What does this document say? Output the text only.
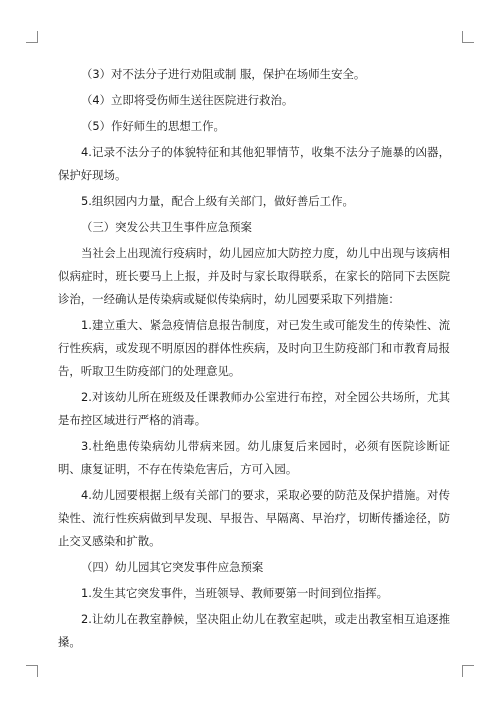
（3）对不法分子进行劝阻或制 服，保护在场师生安全。

（4）立即将受伤师生送往医院进行救治。

（5）作好师生的思想工作。

4.记录不法分子的体貌特征和其他犯罪情节，收集不法分子施暴的凶器，保护好现场。

5.组织园内力量，配合上级有关部门，做好善后工作。

（三）突发公共卫生事件应急预案

当社会上出现流行疫病时，幼儿园应加大防控力度，幼儿中出现与该病相似病症时，班长要马上上报，并及时与家长取得联系，在家长的陪同下去医院诊治，一经确认是传染病或疑似传染病时，幼儿园要采取下列措施：

1.建立重大、紧急疫情信息报告制度，对已发生或可能发生的传染性、流行性疾病，或发现不明原因的群体性疾病，及时向卫生防疫部门和市教育局报告，听取卫生防疫部门的处理意见。

2.对该幼儿所在班级及任课教师办公室进行布控，对全园公共场所，尤其是布控区域进行严格的消毒。

3.杜绝患传染病幼儿带病来园。幼儿康复后来园时，必须有医院诊断证明、康复证明，不存在传染危害后，方可入园。

4.幼儿园要根据上级有关部门的要求，采取必要的防范及保护措施。对传染性、流行性疾病做到早发现、早报告、早隔离、早治疗，切断传播途径，防止交叉感染和扩散。

（四）幼儿园其它突发事件应急预案

1.发生其它突发事件，当班领导、教师要第一时间到位指挥。

2.让幼儿在教室静候，坚决阻止幼儿在教室起哄，或走出教室相互追逐推搡。
